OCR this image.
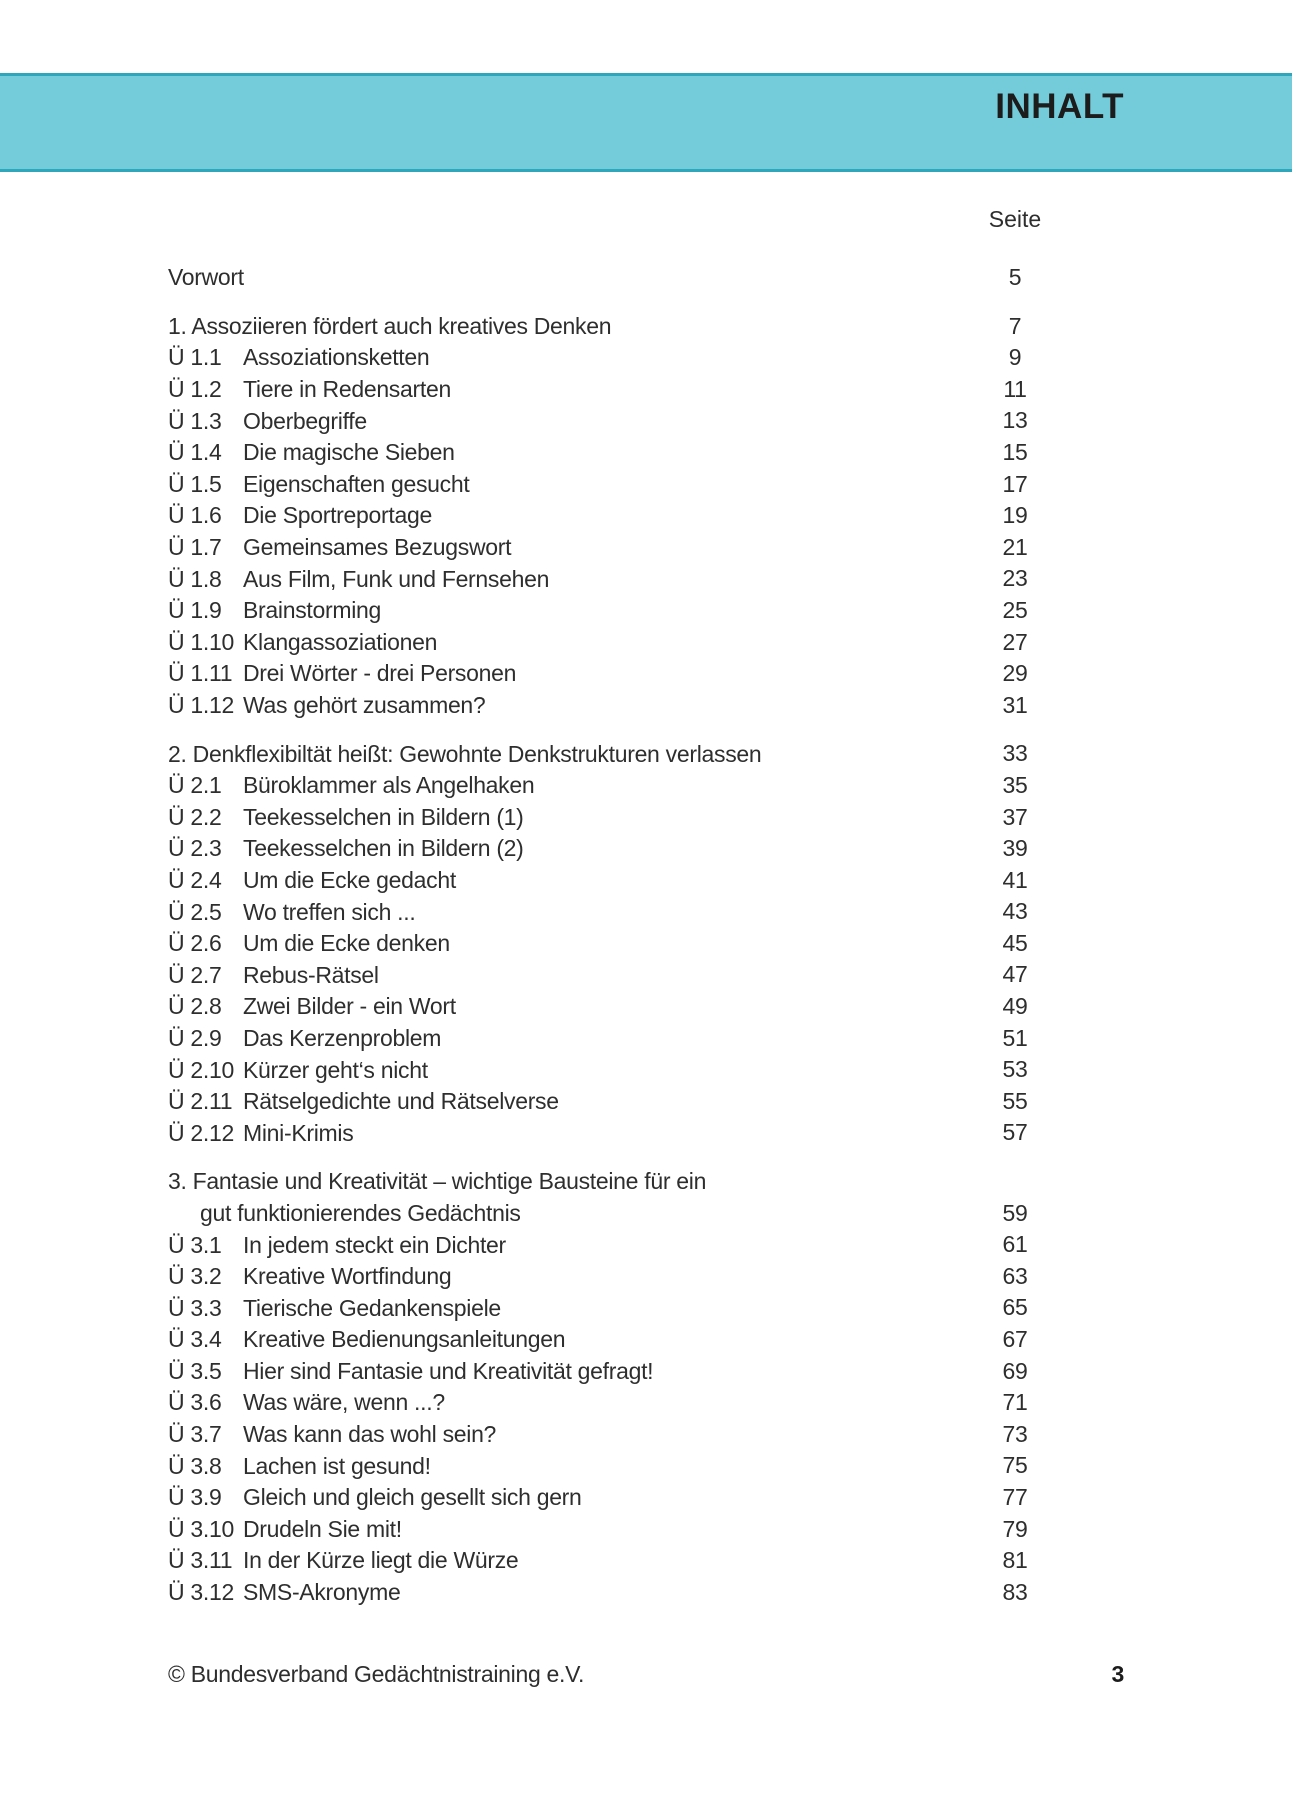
INHALT
Seite
Vorwort	5
1. Assoziieren fördert auch kreatives Denken	7
Ü 1.1 Assoziationsketten	9
Ü 1.2 Tiere in Redensarten	11
Ü 1.3 Oberbegriffe	13
Ü 1.4 Die magische Sieben	15
Ü 1.5 Eigenschaften gesucht	17
Ü 1.6 Die Sportreportage	19
Ü 1.7 Gemeinsames Bezugswort	21
Ü 1.8 Aus Film, Funk und Fernsehen	23
Ü 1.9 Brainstorming	25
Ü 1.10 Klangassoziationen	27
Ü 1.11 Drei Wörter - drei Personen	29
Ü 1.12 Was gehört zusammen?	31
2. Denkflexibiltät heißt: Gewohnte Denkstrukturen verlassen	33
Ü 2.1 Büroklammer als Angelhaken	35
Ü 2.2 Teekesselchen in Bildern (1)	37
Ü 2.3 Teekesselchen in Bildern (2)	39
Ü 2.4 Um die Ecke gedacht	41
Ü 2.5 Wo treffen sich ...	43
Ü 2.6 Um die Ecke denken	45
Ü 2.7 Rebus-Rätsel	47
Ü 2.8 Zwei Bilder - ein Wort	49
Ü 2.9 Das Kerzenproblem	51
Ü 2.10 Kürzer geht‘s nicht	53
Ü 2.11 Rätselgedichte und Rätselverse	55
Ü 2.12 Mini-Krimis	57
3. Fantasie und Kreativität – wichtige Bausteine für ein
gut funktionierendes Gedächtnis	59
Ü 3.1 In jedem steckt ein Dichter	61
Ü 3.2 Kreative Wortfindung	63
Ü 3.3 Tierische Gedankenspiele	65
Ü 3.4 Kreative Bedienungsanleitungen	67
Ü 3.5 Hier sind Fantasie und Kreativität gefragt!	69
Ü 3.6 Was wäre, wenn ...?	71
Ü 3.7 Was kann das wohl sein?	73
Ü 3.8 Lachen ist gesund!	75
Ü 3.9 Gleich und gleich gesellt sich gern	77
Ü 3.10 Drudeln Sie mit!	79
Ü 3.11 In der Kürze liegt die Würze	81
Ü 3.12 SMS-Akronyme	83
© Bundesverband Gedächtnistraining e.V.	3
